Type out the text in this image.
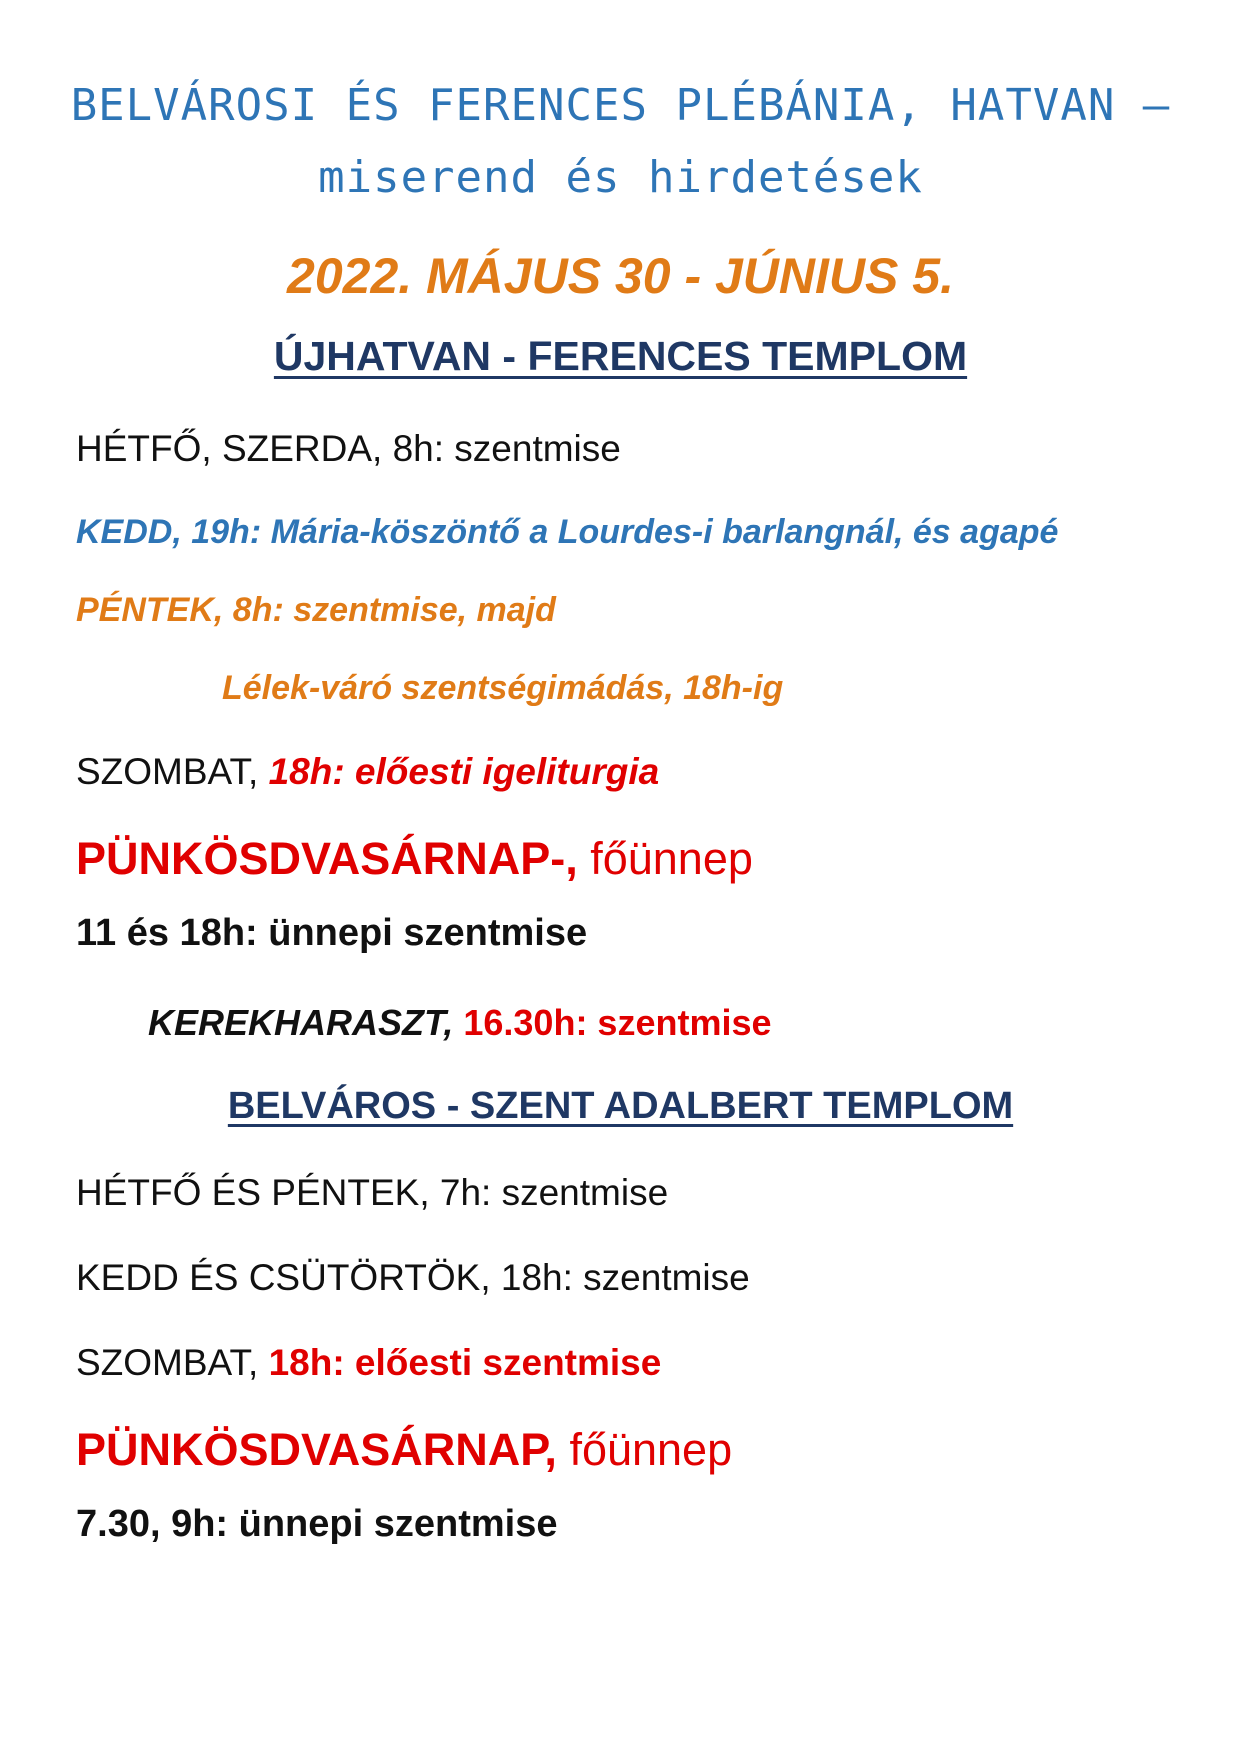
BELVÁROSI ÉS FERENCES PLÉBÁNIA, HATVAN –
miserend és hirdetések
2022. MÁJUS 30 - JÚNIUS 5.
ÚJHATVAN - FERENCES TEMPLOM
HÉTFŐ, SZERDA, 8h: szentmise
KEDD, 19h: Mária-köszöntő a Lourdes-i barlangnál, és agapé
PÉNTEK, 8h: szentmise, majd
Lélek-váró szentségimádás, 18h-ig
SZOMBAT, 18h: előesti igeliturgia
PÜNKÖSDVASÁRNAP-, főünnep
11 és 18h: ünnepi szentmise
KEREKHARASZT, 16.30h: szentmise
BELVÁROS - SZENT ADALBERT TEMPLOM
HÉTFŐ ÉS PÉNTEK, 7h: szentmise
KEDD ÉS CSÜTÖRTÖK, 18h: szentmise
SZOMBAT, 18h: előesti szentmise
PÜNKÖSDVASÁRNAP, főünnep
7.30, 9h: ünnepi szentmise
